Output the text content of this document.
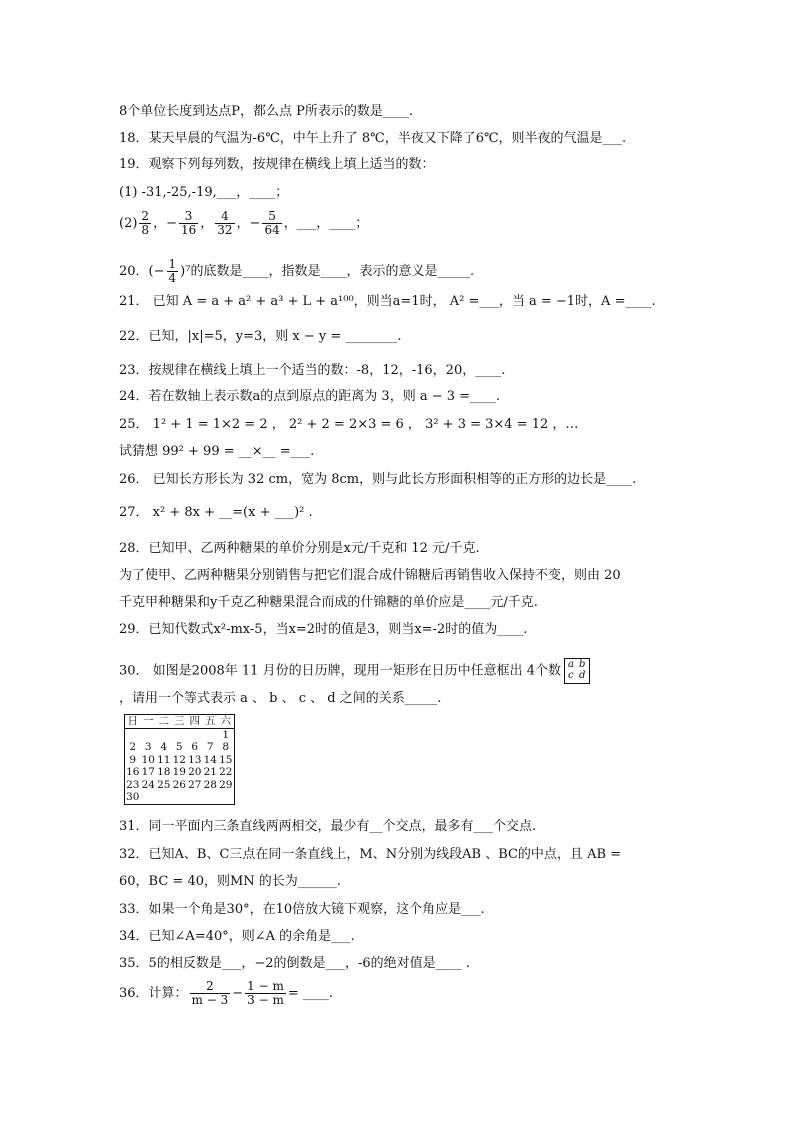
8个单位长度到达点P，都么点 P所表示的数是____.
18．某天早晨的气温为-6℃，中午上升了 8℃，半夜又下降了6℃，则半夜的气温是___.
19．观察下列每列数，按规律在横线上填上适当的数：
(1) -31,-25,-19,___，____；
$(2) \frac{2}{8}$ ，− $\frac{3}{16}$ ， $\frac{4}{32}$ ，− $\frac{5}{64}$ ，___，____；
20．(− $\frac{1}{4} )^7$的底数是____，指数是____，表示的意义是_____.
21． 已知 A = a + a² + a³ + L + a¹⁰⁰，则当a=1时， A² =___，当 a = −1时，A =____.
22．已知，|x|=5，y=3，则 x − y = ________.
23．按规律在横线上填上一个适当的数：-8，12，-16，20，____.
24．若在数轴上表示数a的点到原点的距离为 3，则 a − 3 =____.
25． 1² + 1 = 1×2 = 2 ， 2² + 2 = 2×3 = 6 ， 3² + 3 = 3×4 = 12 ，…
试猜想 99² + 99 = __×__ =___.
26． 已知长方形长为 32 cm，宽为 8cm，则与此长方形面积相等的正方形的边长是____.
27． x² + 8x + __=(x + ___)² .
28．已知甲、乙两种糖果的单价分别是x元/千克和 12 元/千克.
为了使甲、乙两种糖果分别销售与把它们混合成什锦糖后再销售收入保持不变，则由 20
千克甲种糖果和y千克乙种糖果混合而成的什锦糖的单价应是____元/千克.
29．已知代数式x²-mx-5，当x=2时的值是3，则当x=-2时的值为____.
30． 如图是2008年 11 月份的日历牌，现用一矩形在日历中任意框出 4个数 a b
c d
，请用一个等式表示 a 、 b 、 c 、 d 之间的关系_____.
日	一	二	三	四	五	六
						1
2	3	4	5	6	7	8
9	10	11	12	13	14	15
16	17	18	19	20	21	22
23	24	25	26	27	28	29
30						
31．同一平面内三条直线两两相交，最少有__个交点，最多有___个交点.
32．已知A、B、C三点在同一条直线上，M、N分别为线段AB 、BC的中点，且 AB =
60，BC = 40，则MN 的长为______.
33．如果一个角是30°，在10倍放大镜下观察，这个角应是___.
34．已知∠A=40°，则∠A 的余角是___.
35．5的相反数是___，−2的倒数是___，-6的绝对值是____ .
36．计算： $\frac{2}{m - 3} - \frac{1 - m}{3 - m}$ = ____.
